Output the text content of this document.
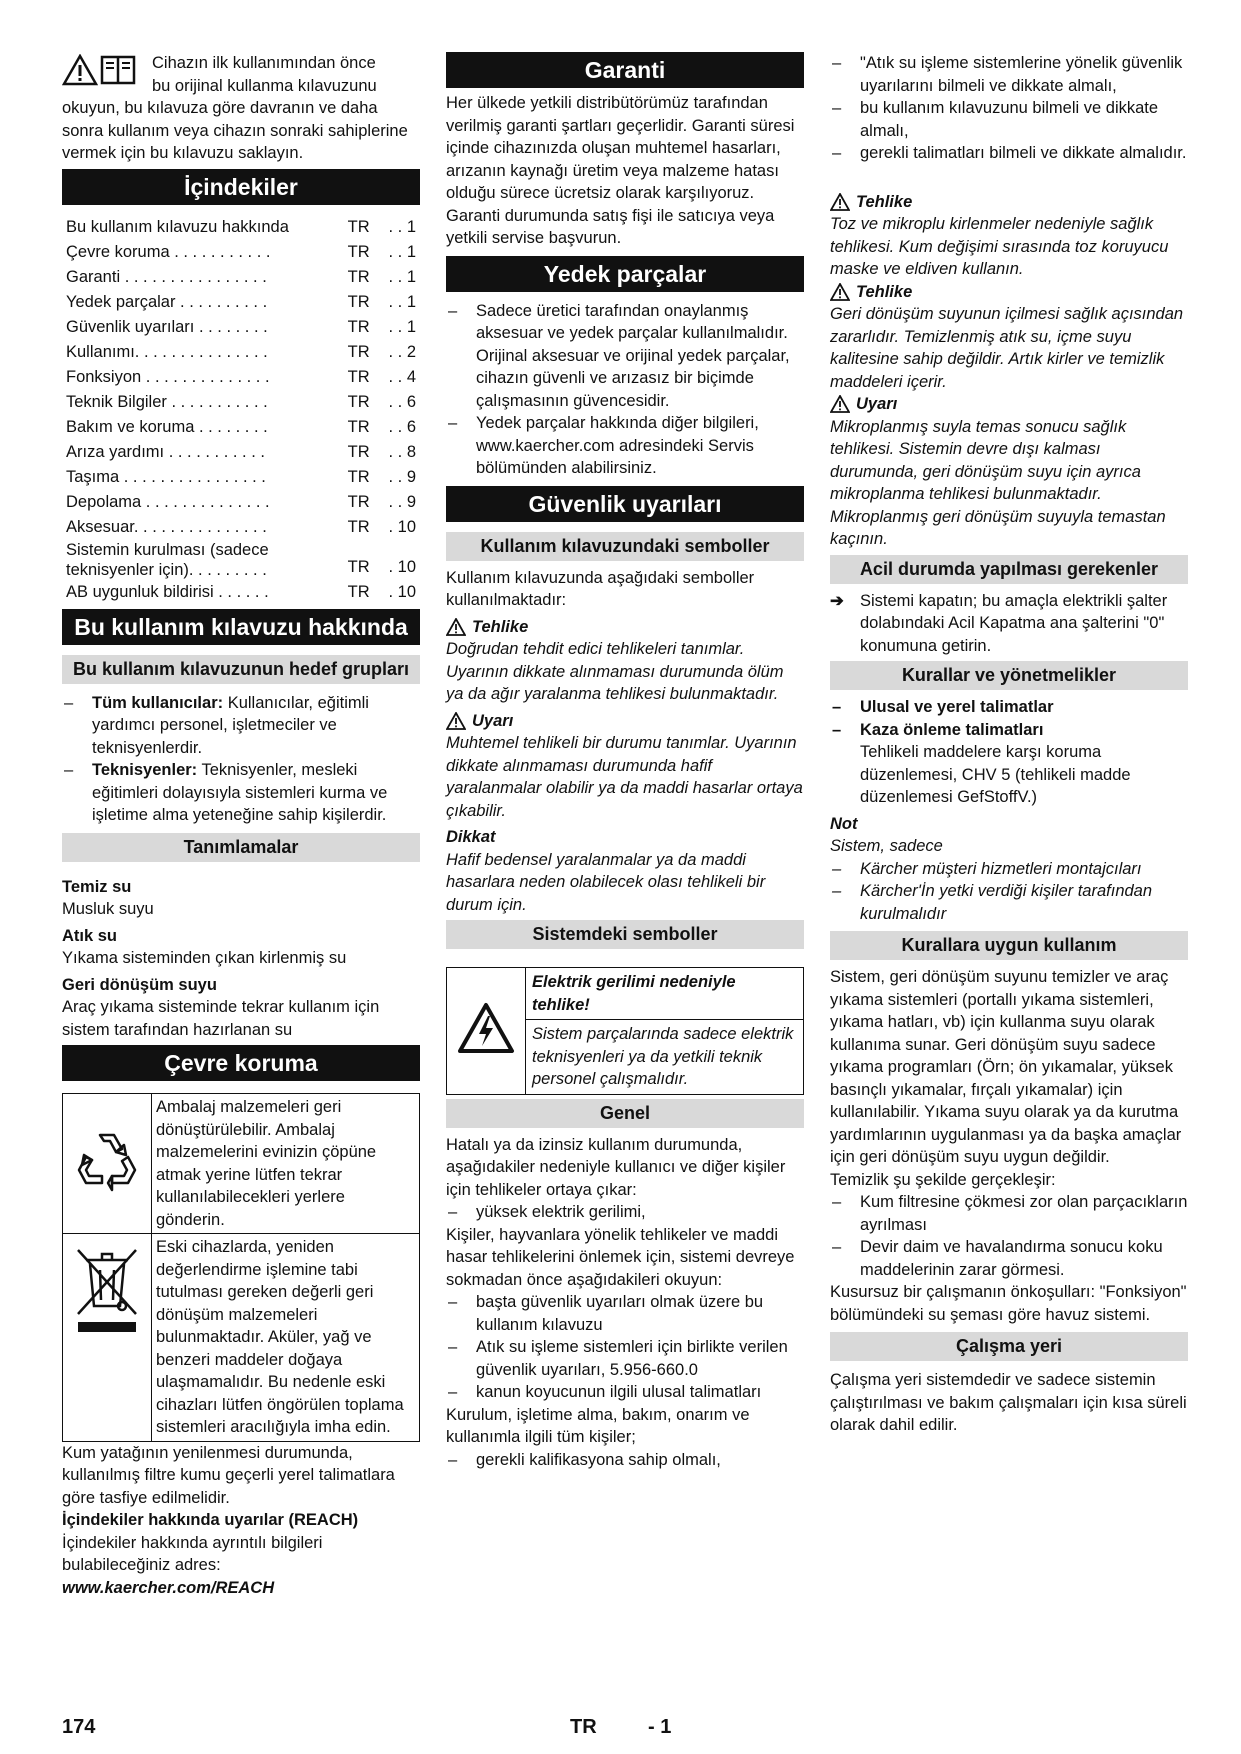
Cihazın ilk kullanımından önce

bu orijinal kullanma kılavuzunu

okuyun, bu kılavuza göre davranın ve daha sonra kullanım veya cihazın sonraki sahiplerine vermek için bu kılavuzu saklayın.

İçindekiler
Bu kullanım kılavuzu hakkında	TR	. . 1
Çevre koruma . . . . . . . . . . .	TR	. . 1
Garanti . . . . . . . . . . . . . . . .	TR	. . 1
Yedek parçalar . . . . . . . . . .	TR	. . 1
Güvenlik uyarıları . . . . . . . .	TR	. . 1
Kullanımı. . . . . . . . . . . . . . .	TR	. . 2
Fonksiyon . . . . . . . . . . . . . .	TR	. . 4
Teknik Bilgiler . . . . . . . . . . .	TR	. . 6
Bakım ve koruma . . . . . . . .	TR	. . 6
Arıza yardımı . . . . . . . . . . .	TR	. . 8
Taşıma . . . . . . . . . . . . . . . .	TR	. . 9
Depolama . . . . . . . . . . . . . .	TR	. . 9
Aksesuar. . . . . . . . . . . . . . .	TR	. 10
Sistemin kurulması (sadece
teknisyenler için). . . . . . . . .	TR	. 10
AB uygunluk bildirisi . . . . . .	TR	. 10
Bu kullanım kılavuzu hakkında
Bu kullanım kılavuzunun hedef grupları

– Tüm kullanıcılar: Kullanıcılar, eğitimli yardımcı personel, işletmeciler ve teknisyenlerdir.

– Teknisyenler: Teknisyenler, mesleki eğitimleri dolayısıyla sistemleri kurma ve işletime alma yeteneğine sahip kişilerdir.

Tanımlamalar

Temiz su

Musluk suyu

Atık su

Yıkama sisteminden çıkan kirlenmiş su

Geri dönüşüm suyu

Araç yıkama sisteminde tekrar kullanım için sistem tarafından hazırlanan su

Çevre koruma
	Ambalaj malzemeleri geri dönüştürülebilir. Ambalaj malzemelerini evinizin çöpüne atmak yerine lütfen tekrar kullanılabilecekleri yerlere gönderin.
	Eski cihazlarda, yeniden değerlendirme işlemine tabi tutulması gereken değerli geri dönüşüm malzemeleri bulunmaktadır. Aküler, yağ ve benzeri maddeler doğaya ulaşmamalıdır. Bu nedenle eski cihazları lütfen öngörülen toplama sistemleri aracılığıyla imha edin.

Kum yatağının yenilenmesi durumunda, kullanılmış filtre kumu geçerli yerel talimatlara göre tasfiye edilmelidir.

İçindekiler hakkında uyarılar (REACH)

İçindekiler hakkında ayrıntılı bilgileri bulabileceğiniz adres:

www.kaercher.com/REACH

Garanti

Her ülkede yetkili distribütörümüz tarafından verilmiş garanti şartları geçerlidir. Garanti süresi içinde cihazınızda oluşan muhtemel hasarları, arızanın kaynağı üretim veya malzeme hatası olduğu sürece ücretsiz olarak karşılıyoruz. Garanti durumunda satış fişi ile satıcıya veya yetkili servise başvurun.

Yedek parçalar

– Sadece üretici tarafından onaylanmış aksesuar ve yedek parçalar kullanılmalıdır. Orijinal aksesuar ve orijinal yedek parçalar, cihazın güvenli ve arızasız bir biçimde çalışmasının güvencesidir.

– Yedek parçalar hakkında diğer bilgileri, www.kaercher.com adresindeki Servis bölümünden alabilirsiniz.

Güvenlik uyarıları
Kullanım kılavuzundaki semboller

Kullanım kılavuzunda aşağıdaki semboller kullanılmaktadır:

Tehlike

Doğrudan tehdit edici tehlikeleri tanımlar. Uyarının dikkate alınmaması durumunda ölüm ya da ağır yaralanma tehlikesi bulunmaktadır.

Uyarı

Muhtemel tehlikeli bir durumu tanımlar. Uyarının dikkate alınmaması durumunda hafif yaralanmalar olabilir ya da maddi hasarlar ortaya çıkabilir.

Dikkat

Hafif bedensel yaralanmalar ya da maddi hasarlara neden olabilecek olası tehlikeli bir durum için.

Sistemdeki semboller
	Elektrik gerilimi nedeniyle tehlike!
Sistem parçalarında sadece elektrik teknisyenleri ya da yetkili teknik personel çalışmalıdır.
Genel

Hatalı ya da izinsiz kullanım durumunda, aşağıdakiler nedeniyle kullanıcı ve diğer kişiler için tehlikeler ortaya çıkar:

– yüksek elektrik gerilimi,

Kişiler, hayvanlara yönelik tehlikeler ve maddi hasar tehlikelerini önlemek için, sistemi devreye sokmadan önce aşağıdakileri okuyun:

– başta güvenlik uyarıları olmak üzere bu kullanım kılavuzu

– Atık su işleme sistemleri için birlikte verilen güvenlik uyarıları, 5.956-660.0

– kanun koyucunun ilgili ulusal talimatları

Kurulum, işletime alma, bakım, onarım ve kullanımla ilgili tüm kişiler;

– gerekli kalifikasyona sahip olmalı,

– "Atık su işleme sistemlerine yönelik güvenlik uyarılarını bilmeli ve dikkate almalı,

– bu kullanım kılavuzunu bilmeli ve dikkate almalı,

– gerekli talimatları bilmeli ve dikkate almalıdır.

Tehlike

Toz ve mikroplu kirlenmeler nedeniyle sağlık tehlikesi. Kum değişimi sırasında toz koruyucu maske ve eldiven kullanın.

Tehlike

Geri dönüşüm suyunun içilmesi sağlık açısından zararlıdır. Temizlenmiş atık su, içme suyu kalitesine sahip değildir. Artık kirler ve temizlik maddeleri içerir.

Uyarı

Mikroplanmış suyla temas sonucu sağlık tehlikesi. Sistemin devre dışı kalması durumunda, geri dönüşüm suyu için ayrıca mikroplanma tehlikesi bulunmaktadır. Mikroplanmış geri dönüşüm suyuyla temastan kaçının.

Acil durumda yapılması gerekenler

➔ Sistemi kapatın; bu amaçla elektrikli şalter dolabındaki Acil Kapatma ana şalterini "0" konumuna getirin.

Kurallar ve yönetmelikler

– Ulusal ve yerel talimatlar

– Kaza önleme talimatları

Tehlikeli maddelere karşı koruma düzenlemesi, CHV 5 (tehlikeli madde düzenlemesi GefStoffV.)

Not

Sistem, sadece

– Kärcher müşteri hizmetleri montajcıları

– Kärcher'İn yetki verdiği kişiler tarafından kurulmalıdır

Kurallara uygun kullanım

Sistem, geri dönüşüm suyunu temizler ve araç yıkama sistemleri (portallı yıkama sistemleri, yıkama hatları, vb) için kullanma suyu olarak kullanıma sunar. Geri dönüşüm suyu sadece yıkama programları (Örn; ön yıkamalar, yüksek basınçlı yıkamalar, fırçalı yıkamalar) için kullanılabilir. Yıkama suyu olarak ya da kurutma yardımlarının uygulanması ya da başka amaçlar için geri dönüşüm suyu uygun değildir.

Temizlik şu şekilde gerçekleşir:

– Kum filtresine çökmesi zor olan parçacıkların ayrılması

– Devir daim ve havalandırma sonucu koku maddelerinin zarar görmesi.

Kusursuz bir çalışmanın önkoşulları: "Fonksiyon" bölümündeki su şeması göre havuz sistemi.

Çalışma yeri

Çalışma yeri sistemdedir ve sadece sistemin çalıştırılması ve bakım çalışmaları için kısa süreli olarak dahil edilir.

174	TR	- 1
